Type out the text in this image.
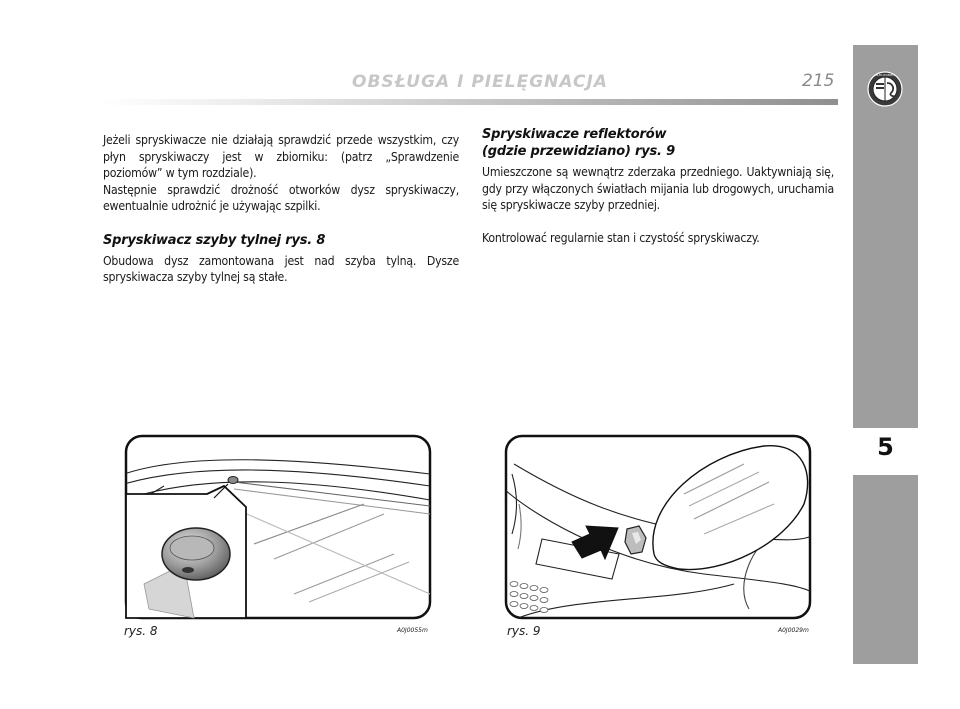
OBSŁUGA I PIELĘGNACJA	215

Jeżeli spryskiwacze nie działają sprawdzić przede wszystkim, czy płyn spryskiwaczy jest w zbiorniku: (patrz „Sprawdzenie poziomów” w tym rozdziale).

Następnie sprawdzić drożność otworków dysz spryskiwaczy, ewentualnie udrożnić je używając szpilki.

Spryskiwacz szyby tylnej rys. 8

Obudowa dysz zamontowana jest nad szyba tylną. Dysze spryskiwacza szyby tylnej są stałe.

Spryskiwacze reflektorów

(gdzie przewidziano) rys. 9

Umieszczone są wewnątrz zderzaka przedniego. Uaktywniają się, gdy przy włączonych światłach mijania lub drogowych, uruchamia się spryskiwacze szyby przedniej.

Kontrolować regularnie stan i czystość spryskiwaczy.

rys. 8	A0J0055m	rys. 9	A0J0029m
ALFA ROMEO
5
